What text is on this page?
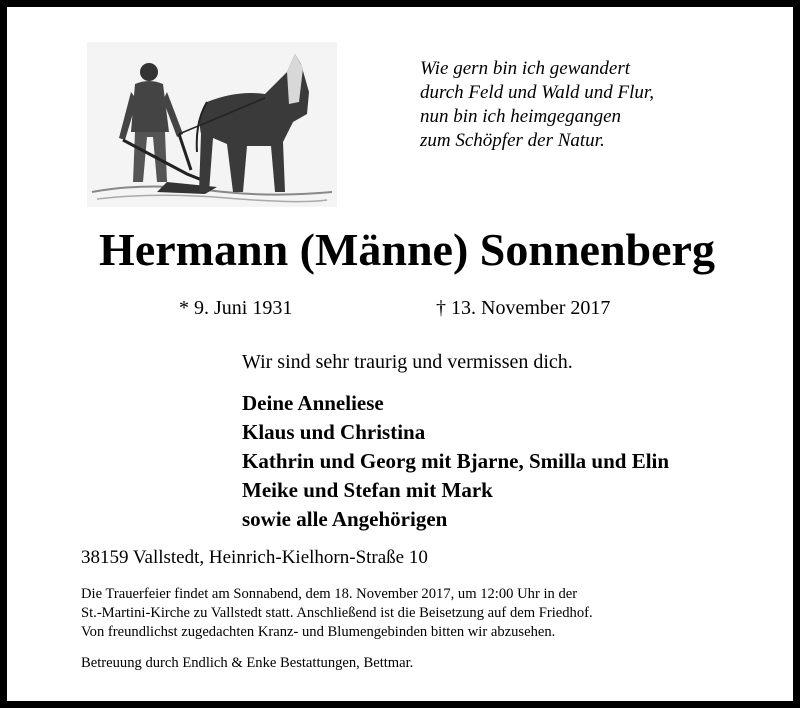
Wie gern bin ich gewandert
durch Feld und Wald und Flur,
nun bin ich heimgegangen
zum Schöpfer der Natur.
Hermann (Männe) Sonnenberg
* 9. Juni 1931	† 13. November 2017
Wir sind sehr traurig und vermissen dich.
Deine Anneliese
Klaus und Christina
Kathrin und Georg mit Bjarne, Smilla und Elin
Meike und Stefan mit Mark
sowie alle Angehörigen
38159 Vallstedt, Heinrich-Kielhorn-Straße 10
Die Trauerfeier findet am Sonnabend, dem 18. November 2017, um 12:00 Uhr in der
St.-Martini-Kirche zu Vallstedt statt. Anschließend ist die Beisetzung auf dem Friedhof.
Von freundlichst zugedachten Kranz- und Blumengebinden bitten wir abzusehen.
Betreuung durch Endlich & Enke Bestattungen, Bettmar.
